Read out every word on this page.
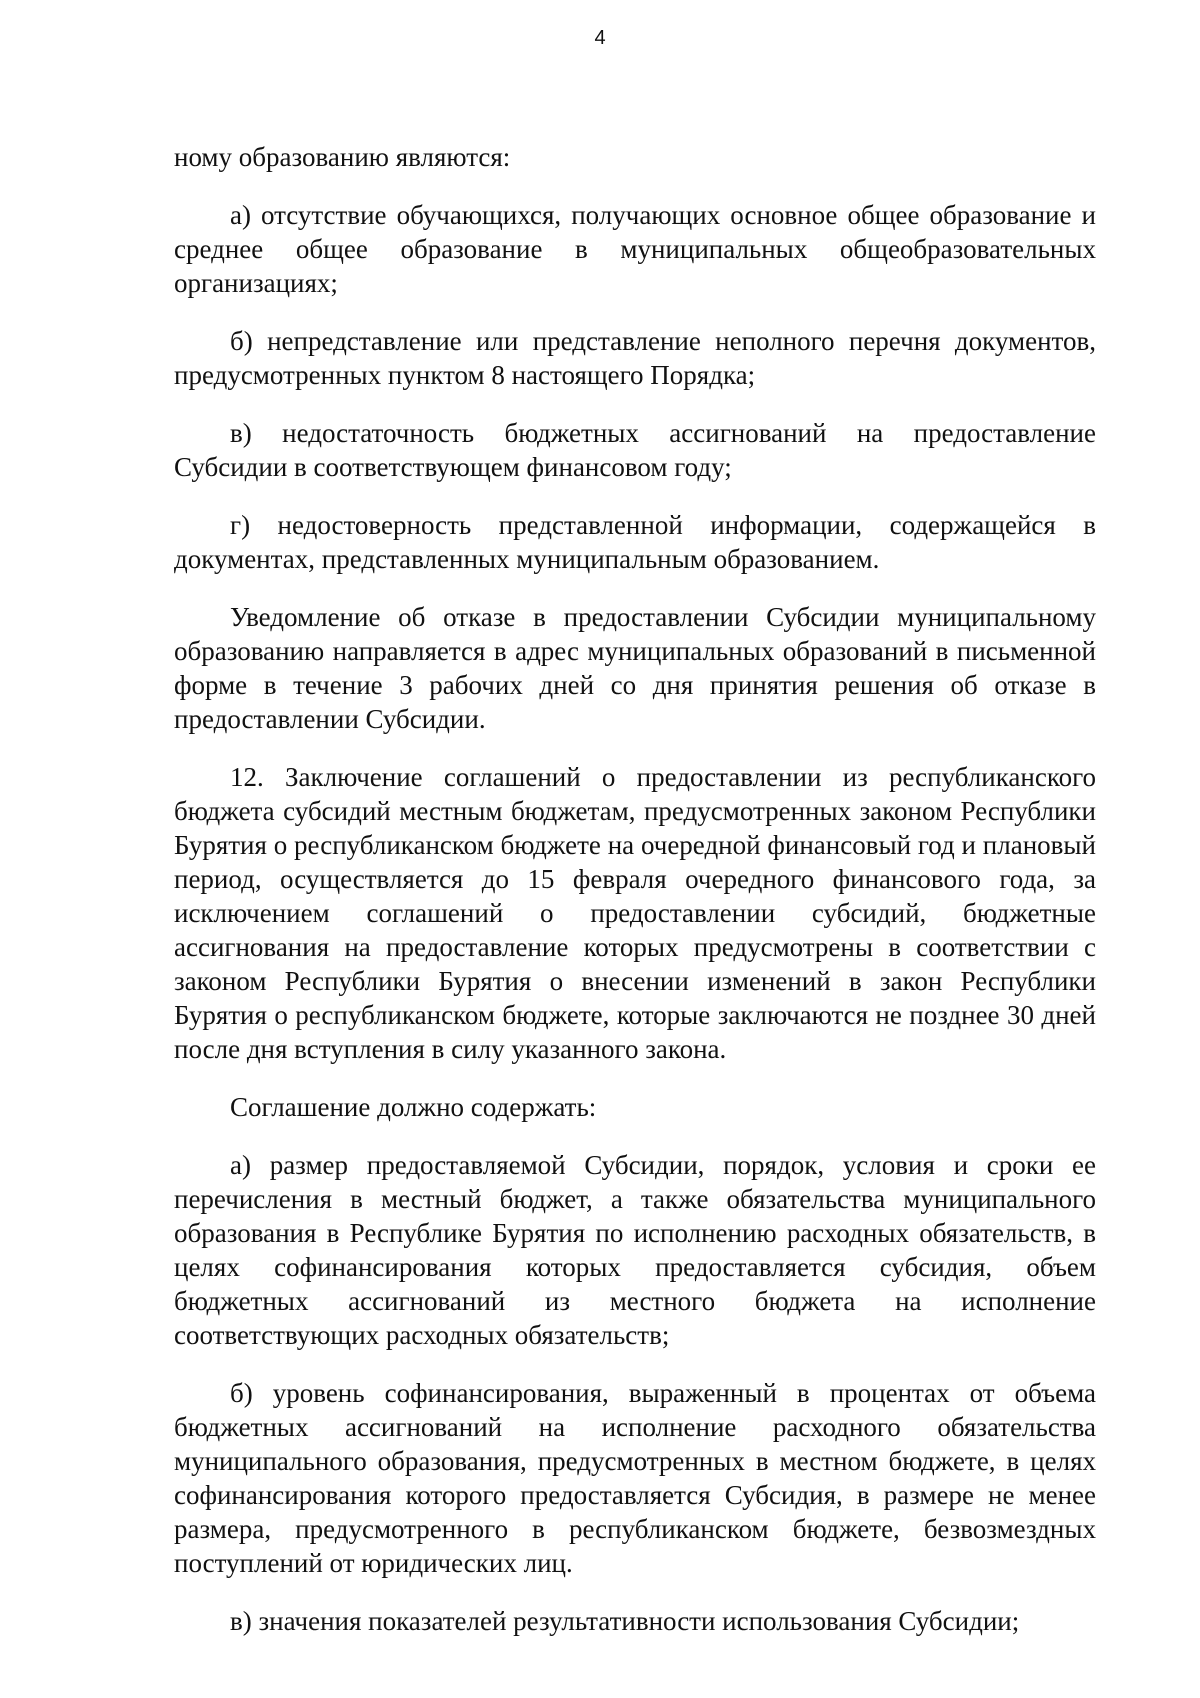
4

ному образованию являются:

а) отсутствие обучающихся, получающих основное общее образование и среднее общее образование в муниципальных общеобразовательных организациях;

б) непредставление или представление неполного перечня документов, предусмотренных пунктом 8 настоящего Порядка;

в) недостаточность бюджетных ассигнований на предоставление Субсидии в соответствующем финансовом году;

г) недостоверность представленной информации, содержащейся в документах, представленных муниципальным образованием.

Уведомление об отказе в предоставлении Субсидии муниципальному образованию направляется в адрес муниципальных образований в письменной форме в течение 3 рабочих дней со дня принятия решения об отказе в предоставлении Субсидии.

12. Заключение соглашений о предоставлении из республиканского бюджета субсидий местным бюджетам, предусмотренных законом Республики Бурятия о республиканском бюджете на очередной финансовый год и плановый период, осуществляется до 15 февраля очередного финансового года, за исключением соглашений о предоставлении субсидий, бюджетные ассигнования на предоставление которых предусмотрены в соответствии с законом Республики Бурятия о внесении изменений в закон Республики Бурятия о республиканском бюджете, которые заключаются не позднее 30 дней после дня вступления в силу указанного закона.

Соглашение должно содержать:

а) размер предоставляемой Субсидии, порядок, условия и сроки ее перечисления в местный бюджет, а также обязательства муниципального образования в Республике Бурятия по исполнению расходных обязательств, в целях софинансирования которых предоставляется субсидия, объем бюджетных ассигнований из местного бюджета на исполнение соответствующих расходных обязательств;

б) уровень софинансирования, выраженный в процентах от объема бюджетных ассигнований на исполнение расходного обязательства муниципального образования, предусмотренных в местном бюджете, в целях софинансирования которого предоставляется Субсидия, в размере не менее размера, предусмотренного в республиканском бюджете, безвозмездных поступлений от юридических лиц.

в) значения показателей результативности использования Субсидии;
